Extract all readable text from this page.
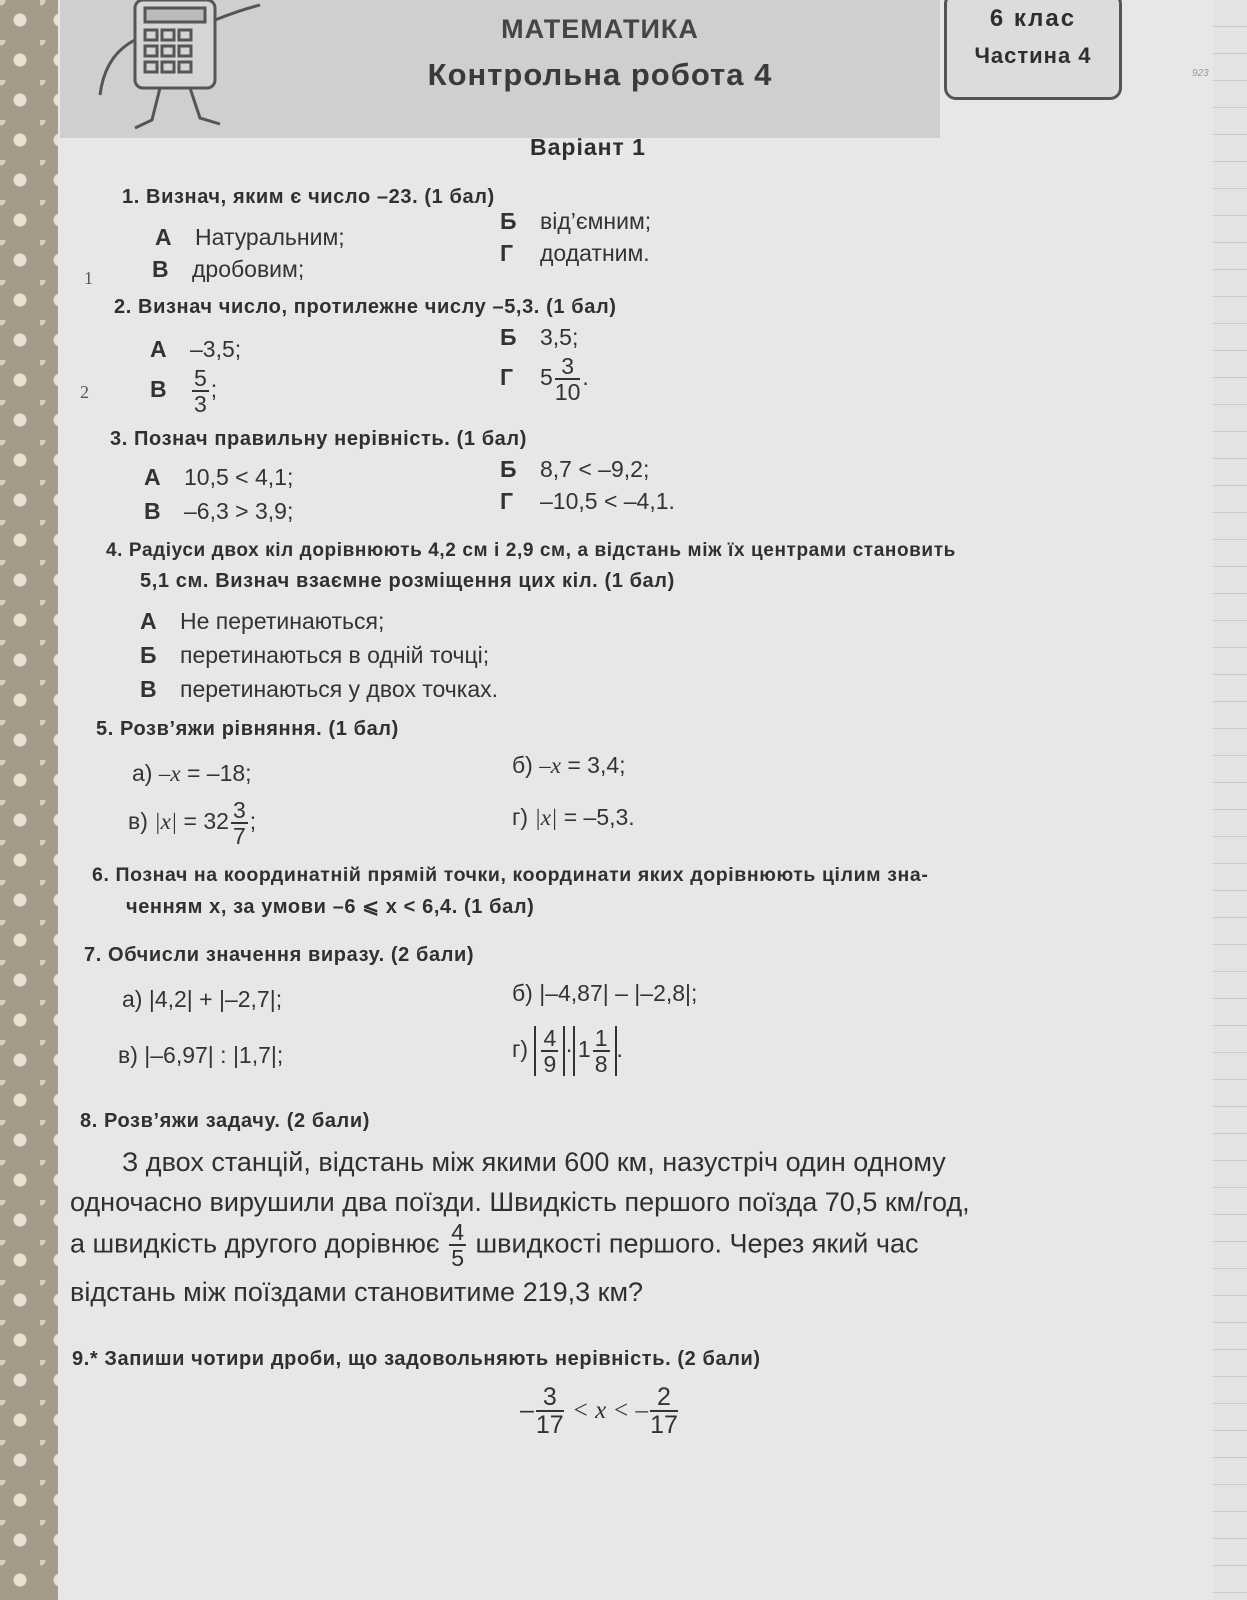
МАТЕМАТИКА
Контрольна робота 4
6 клас
Частина 4
923
Варіант 1
1
2
1. Визнач, яким є число –23. (1 бал)
А Натуральним;
Б від’ємним;
В дробовим;
Г додатним.
2. Визнач число, протилежне числу –5,3. (1 бал)
А –3,5;	Б 3,5;
В $\frac{5}{3}$ ;	Г $5 \frac{3}{10}$ .
3. Познач правильну нерівність. (1 бал)
А 10,5 < 4,1;	Б 8,7 < –9,2;
В –6,3 > 3,9;	Г –10,5 < –4,1.
4. Радіуси двох кіл дорівнюють 4,2 см і 2,9 см, а відстань між їх центрами становить
5,1 см. Визнач взаємне розміщення цих кіл. (1 бал)
А Не перетинаються;
Б перетинаються в одній точці;
В перетинаються у двох точках.
5. Розв’яжи рівняння. (1 бал)
а) –x = –18;	б) –x = 3,4;
в) $|x| = 32 \frac{3}{7}$ ;	г) |x| = –5,3.
6. Познач на координатній прямій точки, координати яких дорівнюють цілим зна-
ченням x, за умови –6 ⩽ x < 6,4. (1 бал)
7. Обчисли значення виразу. (2 бали)
а) |4,2| + |–2,7|;	б) |–4,87| – |–2,8|;
в) |–6,97| : |1,7|;	$г) \frac{4}{9} \cdot 1 \frac{1}{8}$ .
8. Розв’яжи задачу. (2 бали)
З двох станцій, відстань між якими 600 км, назустріч один одному
одночасно вирушили два поїзди. Швидкість першого поїзда 70,5 км/год,
а швидкість другого дорівнює $\frac{4}{5}$ швидкості першого. Через який час
відстань між поїздами становитиме 219,3 км?
9.* Запиши чотири дроби, що задовольняють нерівність. (2 бали)
– $\frac{3}{17} < x$ < – $\frac{2}{17}$
